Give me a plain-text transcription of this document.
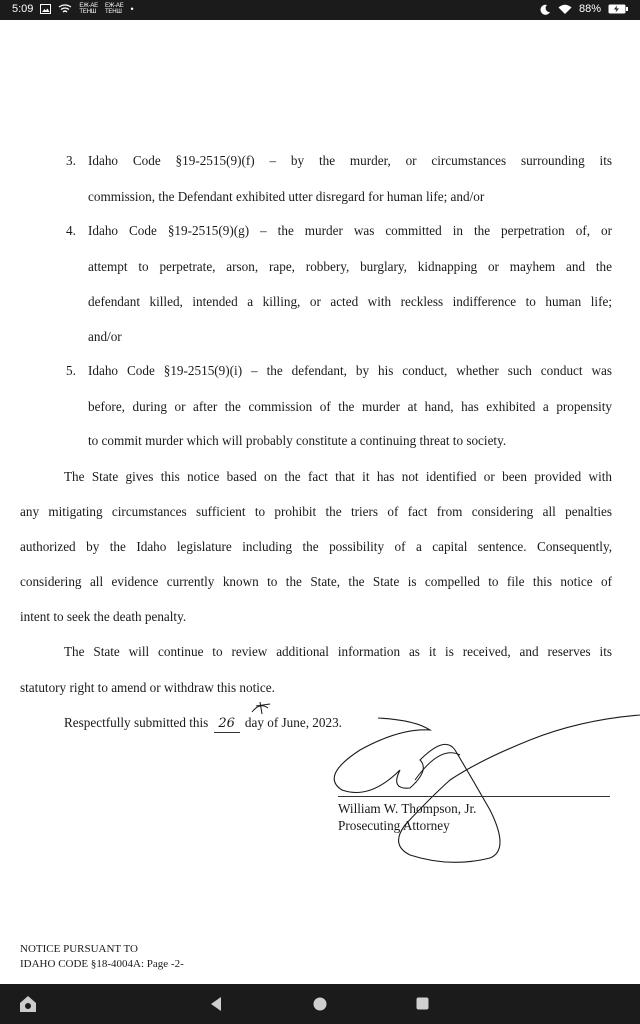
5:09	ЕЖ-АЕ
ТЕНШ
ЕЖ-АЕ
ТЕНШ •	88%
3. Idaho Code §19-2515(9)(f) – by the murder, or circumstances surrounding its
commission, the Defendant exhibited utter disregard for human life; and/or
4. Idaho Code §19-2515(9)(g) – the murder was committed in the perpetration of, or
attempt to perpetrate, arson, rape, robbery, burglary, kidnapping or mayhem and the
defendant killed, intended a killing, or acted with reckless indifference to human life;
and/or
5. Idaho Code §19-2515(9)(i) – the defendant, by his conduct, whether such conduct was
before, during or after the commission of the murder at hand, has exhibited a propensity
to commit murder which will probably constitute a continuing threat to society.
The State gives this notice based on the fact that it has not identified or been provided with
any mitigating circumstances sufficient to prohibit the triers of fact from considering all penalties
authorized by the Idaho legislature including the possibility of a capital sentence. Consequently,
considering all evidence currently known to the State, the State is compelled to file this notice of
intent to seek the death penalty.
The State will continue to review additional information as it is received, and reserves its
statutory right to amend or withdraw this notice.
Respectfully submitted this 26 day of June, 2023.
William W. Thompson, Jr.
Prosecuting Attorney
NOTICE PURSUANT TO
IDAHO CODE §18-4004A: Page -2-
